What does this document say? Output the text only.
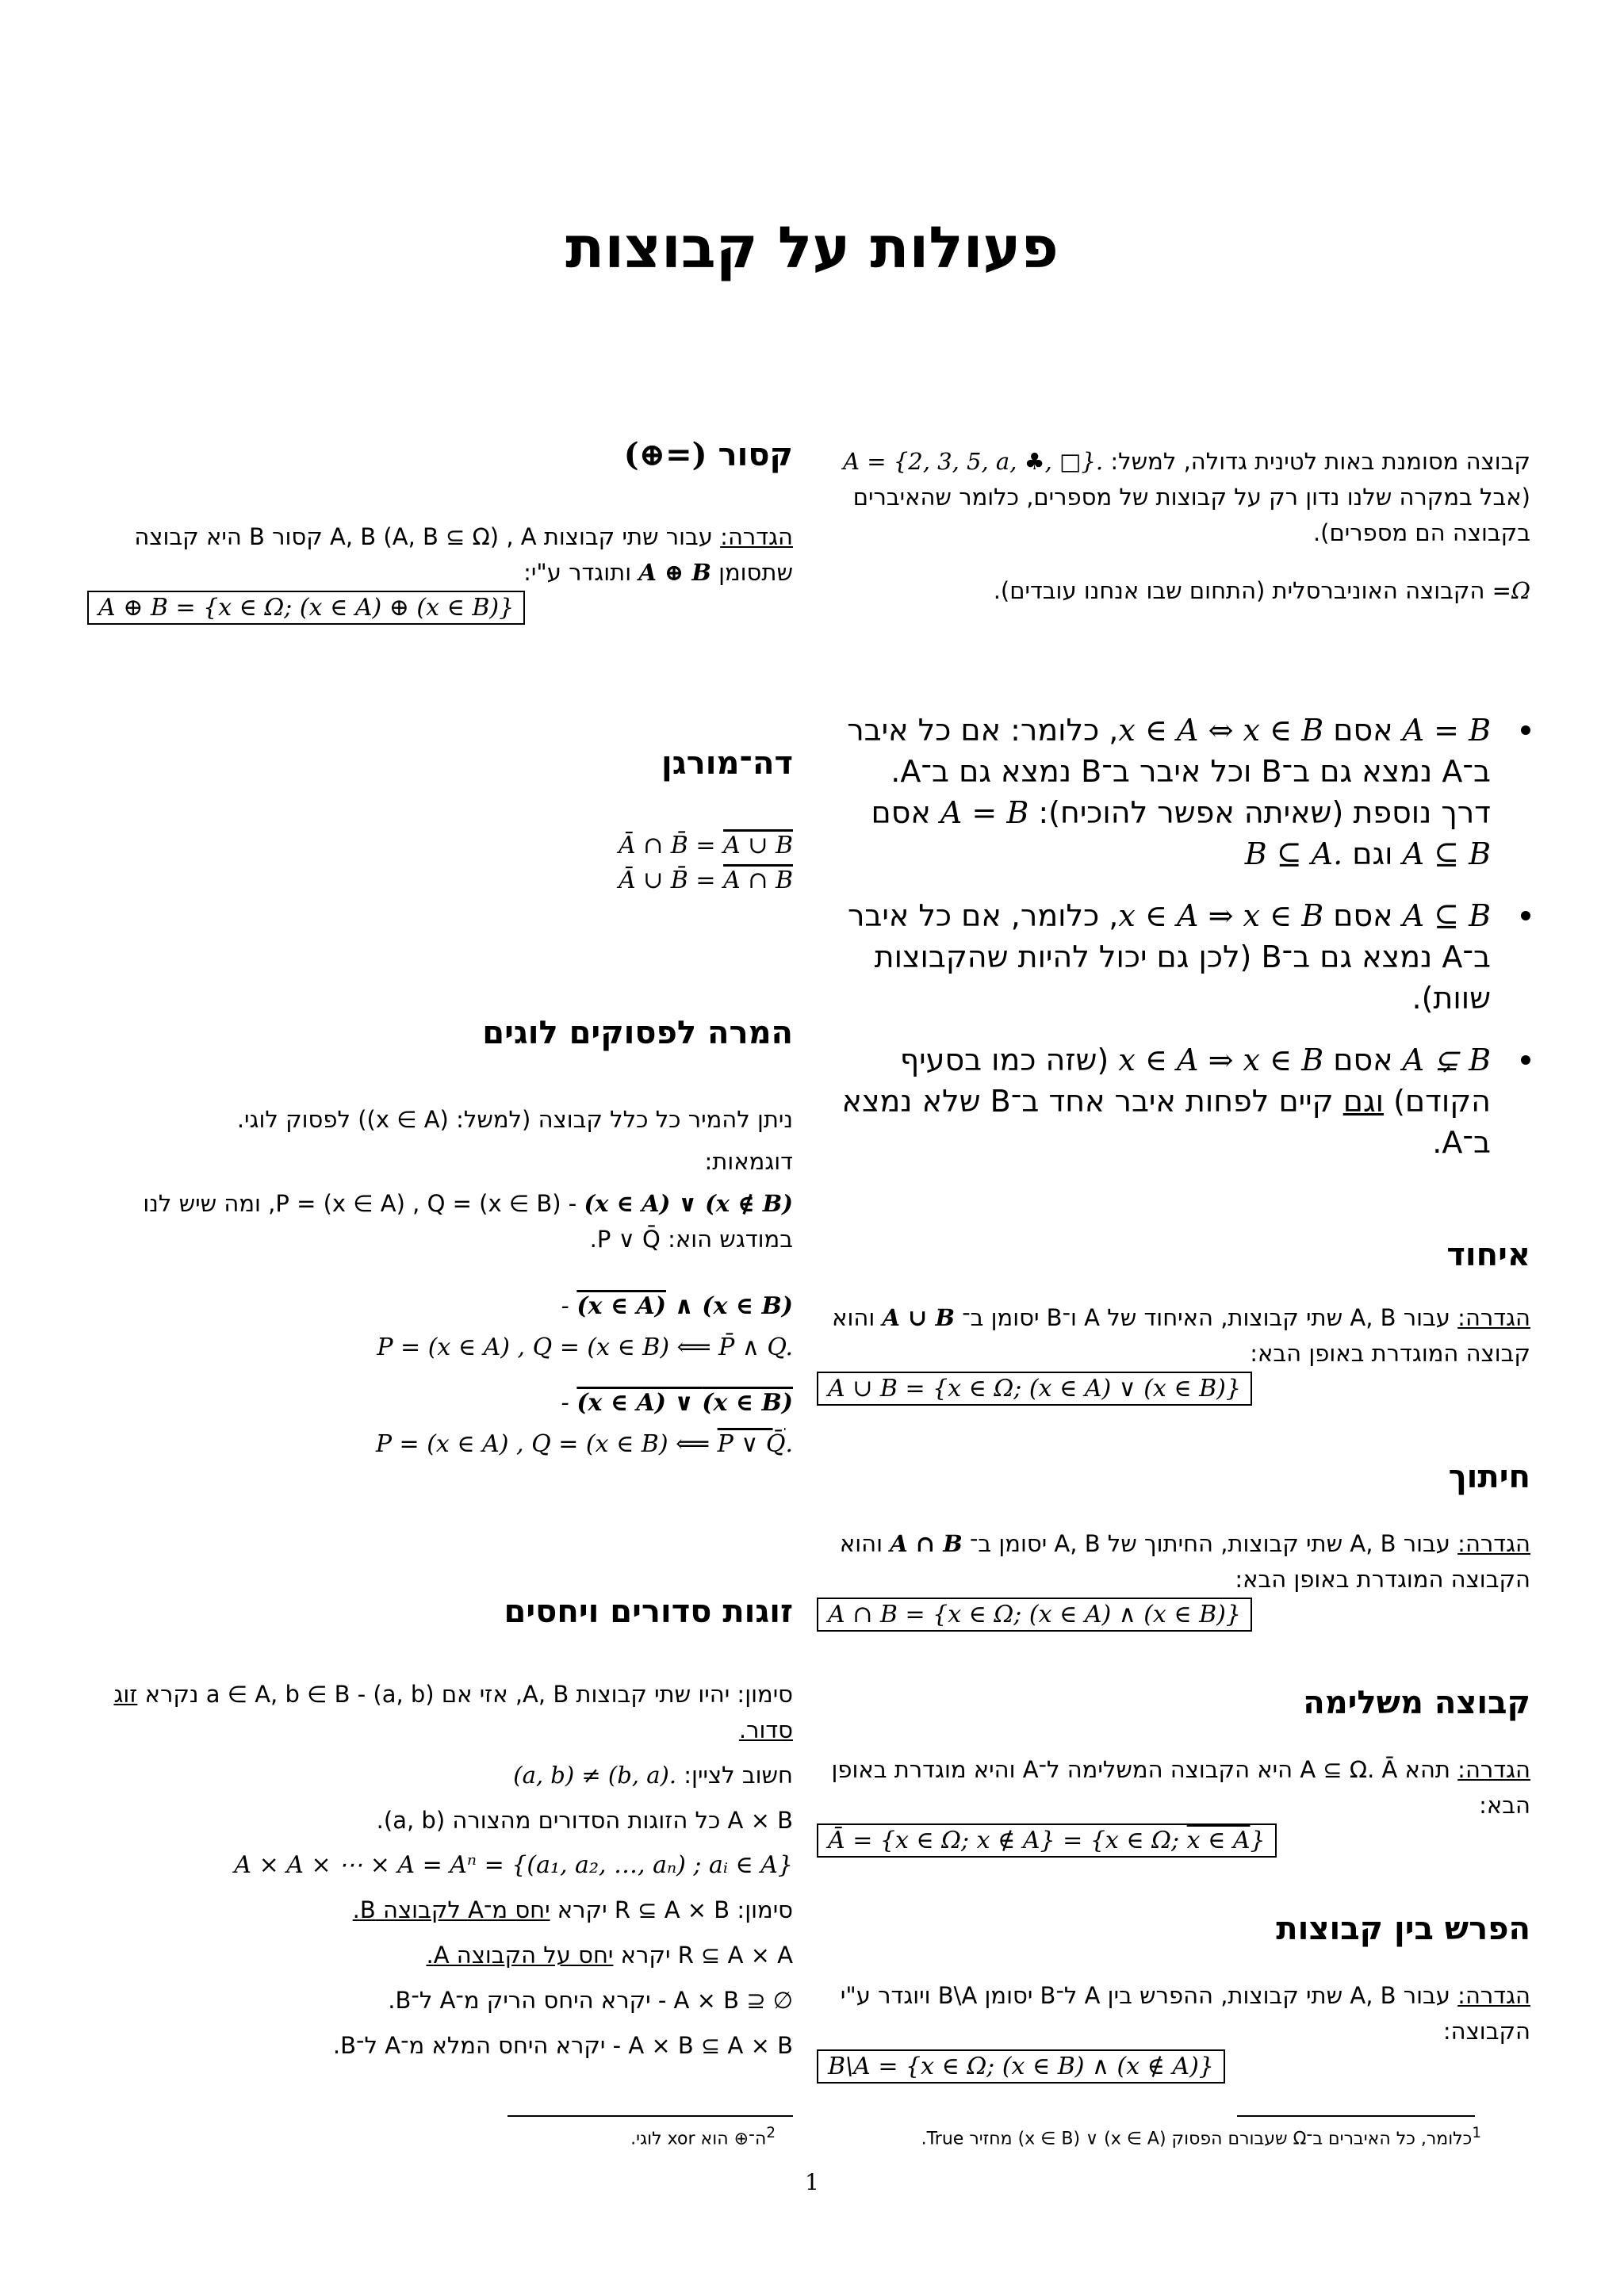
פעולות על קבוצות

קבוצה מסומנת באות לטינית גדולה, למשל: A = {2, 3, 5, a, ♣, □}.

(אבל במקרה שלנו נדון רק על קבוצות של מספרים, כלומר שהאיברים בקבוצה הם מספרים).

Ω= הקבוצה האוניברסלית (התחום שבו אנחנו עובדים).

A = B אסם x ∈ A ⇔ x ∈ B, כלומר: אם כל איבר ב־A נמצא גם ב־B וכל איבר ב־B נמצא גם ב־A.
דרך נוספת (שאיתה אפשר להוכיח): A = B אסם A ⊆ B וגם B ⊆ A.
A ⊆ B אסם x ∈ A ⇒ x ∈ B, כלומר, אם כל איבר ב־A נמצא גם ב־B (לכן גם יכול להיות שהקבוצות שוות).
A ⊊ B אסם x ∈ A ⇒ x ∈ B (שזה כמו בסעיף הקודם) וגם קיים לפחות איבר אחד ב־B שלא נמצא ב־A.
איחוד

הגדרה: עבור A, B שתי קבוצות, האיחוד של A ו־B יסומן ב־ A ∪ B והוא קבוצה המוגדרת באופן הבא:

A ∪ B = {x ∈ Ω; (x ∈ A) ∨ (x ∈ B)}
חיתוך

הגדרה: עבור A, B שתי קבוצות, החיתוך של A, B יסומן ב־ A ∩ B והוא הקבוצה המוגדרת באופן הבא:

A ∩ B = {x ∈ Ω; (x ∈ A) ∧ (x ∈ B)}
קבוצה משלימה

הגדרה: תהא A ⊆ Ω. Ā היא הקבוצה המשלימה ל־A והיא מוגדרת באופן הבא:

Ā = {x ∈ Ω; x ∉ A} = {x ∈ Ω; x ∈ A}
הפרש בין קבוצות

הגדרה: עבור A, B שתי קבוצות, ההפרש בין A ל־B יסומן B\A ויוגדר ע"י הקבוצה:

B\A = {x ∈ Ω; (x ∈ B) ∧ (x ∉ A)}
קסור (⊕=)

הגדרה: עבור שתי קבוצות A, B (A, B ⊆ Ω) , A קסור B היא קבוצה שתסומן A ⊕ B ותוגדר ע"י:

A ⊕ B = {x ∈ Ω; (x ∈ A) ⊕ (x ∈ B)}
דה־מורגן

Ā ∩ B̄ = A ∪ B

Ā ∪ B̄ = A ∩ B

המרה לפסוקים לוגים

ניתן להמיר כל כלל קבוצה (למשל: (x ∈ A)) לפסוק לוגי.

דוגמאות:

(x ∈ A) ∨ (x ∉ B) - P = (x ∈ A) , Q = (x ∈ B), ומה שיש לנו במודגש הוא: P ∨ Q̄.

- (x ∈ A) ∧ (x ∈ B)

P = (x ∈ A) , Q = (x ∈ B) ⟸ P̄ ∧ Q.

- (x ∈ A) ∨ (x ∈ B)

P = (x ∈ A) , Q = (x ∈ B) ⟸ P ∨ Q̄.

זוגות סדורים ויחסים

סימון: יהיו שתי קבוצות A, B, אזי אם a ∈ A, b ∈ B - (a, b) נקרא זוג סדור.

חשוב לציין: (a, b) ≠ (b, a).

A × B כל הזוגות הסדורים מהצורה (a, b).

A × A × ⋯ × A = Aⁿ = {(a₁, a₂, …, aₙ) ; aᵢ ∈ A}

סימון: R ⊆ A × B יקרא יחס מ־A לקבוצה B.

R ⊆ A × A יקרא יחס על הקבוצה A.

∅ ⊆ A × B - יקרא היחס הריק מ־A ל־B.

A × B ⊆ A × B - יקרא היחס המלא מ־A ל־B.

$^1$כלומר, כל האיברים ב־Ω שעבורם הפסוק (x ∈ A) ∨ (x ∈ B) מחזיר True.
$^2$ה־⊕ הוא xor לוגי.
1
